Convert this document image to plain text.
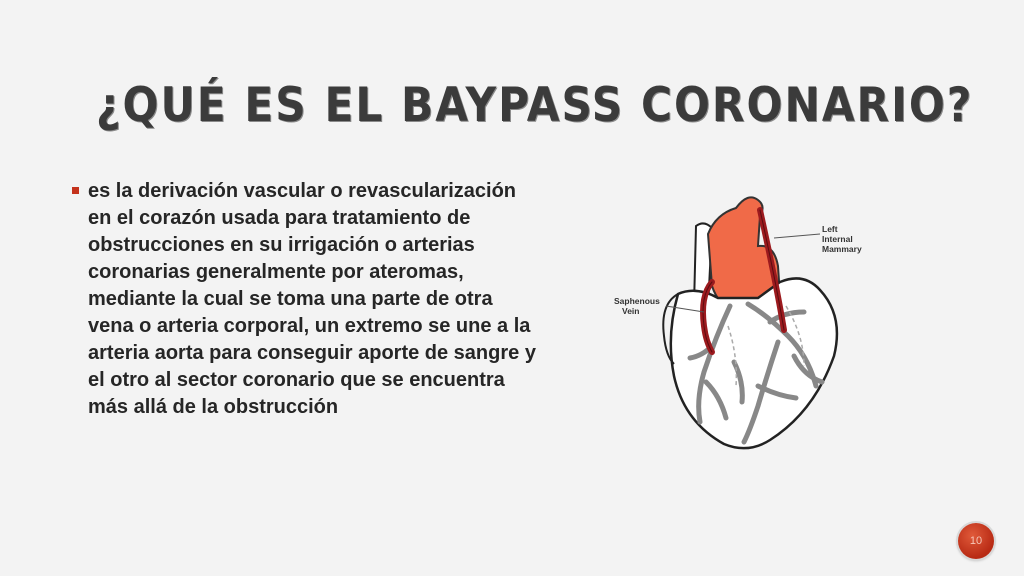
¿QUÉ ES EL BAYPASS CORONARIO?

es la derivación vascular o revascularización en el corazón usada para tratamiento de obstrucciones en su irrigación o arterias coronarias generalmente por ateromas, mediante la cual se toma una parte de otra vena o arteria corporal, un extremo se une a la arteria aorta para conseguir aporte de sangre y el otro al sector coronario que se encuentra más allá de la obstrucción

Left Internal Mammary
Saphenous Vein
10
